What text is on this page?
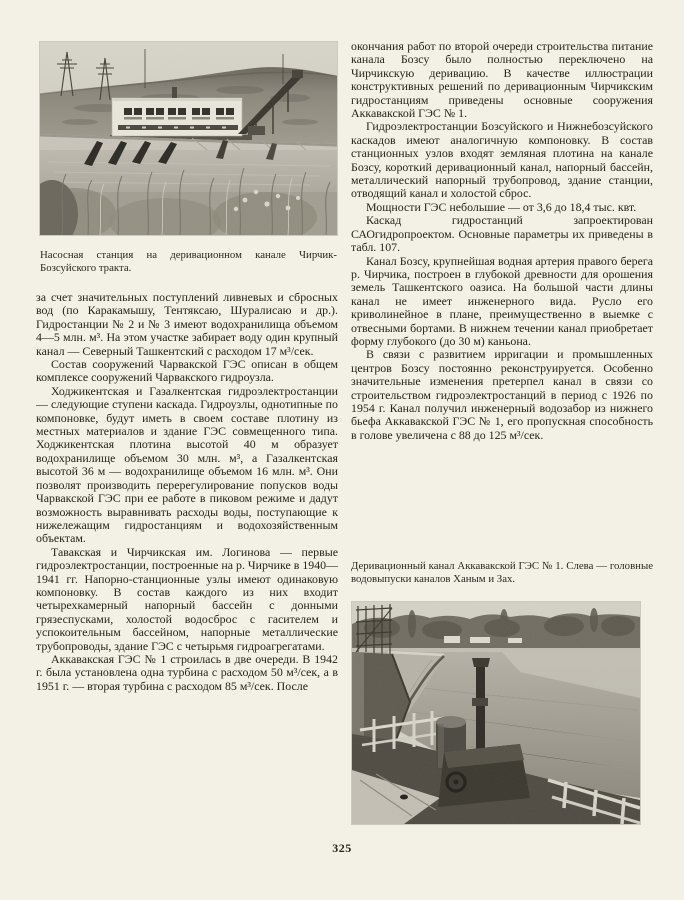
Насосная станция на деривационном канале Чирчик-Бозсуйского тракта.

за счет значительных поступлений ливневых и сбросных вод (по Каракамышу, Тентяксаю, Шуралисаю и др.). Гидростанции № 2 и № 3 имеют водохранилища объемом 4—5 млн. м³. На этом участке забирает воду один крупный канал — Северный Ташкентский с расходом 17 м³/сек.

Состав сооружений Чарвакской ГЭС описан в общем комплексе сооружений Чарвакского гидроузла.

Ходжикентская и Газалкентская гидроэлектростанции — следующие ступени каскада. Гидроузлы, однотипные по компоновке, будут иметь в своем составе плотину из местных материалов и здание ГЭС совмещенного типа. Ходжикентская плотина высотой 40 м образует водохранилище объемом 30 млн. м³, а Газалкентская высотой 36 м — водохранилище объемом 16 млн. м³. Они позволят производить перерегулирование попусков воды Чарвакской ГЭС при ее работе в пиковом режиме и дадут возможность выравнивать расходы воды, поступающие к нижележащим гидростанциям и водохозяйственным объектам.

Тавакская и Чирчикская им. Логинова — первые гидроэлектростанции, построенные на р. Чирчике в 1940—1941 гг. Напорно-станционные узлы имеют одинаковую компоновку. В состав каждого из них входит четырехкамерный напорный бассейн с донными грязеспусками, холостой водосброс с гасителем и успокоительным бассейном, напорные металлические трубопроводы, здание ГЭС с четырьмя гидроагрегатами.

Аккавакская ГЭС № 1 строилась в две очереди. В 1942 г. была установлена одна турбина с расходом 50 м³/сек, а в 1951 г. — вторая турбина с расходом 85 м³/сек. После

окончания работ по второй очереди строительства питание канала Бозсу было полностью переключено на Чирчикскую деривацию. В качестве иллюстрации конструктивных решений по деривационным Чирчикским гидростанциям приведены основные сооружения Аккавакской ГЭС № 1.

Гидроэлектростанции Бозсуйского и Нижнебозсуйского каскадов имеют аналогичную компоновку. В состав станционных узлов входят земляная плотина на канале Бозсу, короткий деривационный канал, напорный бассейн, металлический напорный трубопровод, здание станции, отводящий канал и холостой сброс.

Мощности ГЭС небольшие — от 3,6 до 18,4 тыс. квт.

Каскад гидростанций запроектирован САОгидропроектом. Основные параметры их приведены в табл. 107.

Канал Бозсу, крупнейшая водная артерия правого берега р. Чирчика, построен в глубокой древности для орошения земель Ташкентского оазиса. На большой части длины канал не имеет инженерного вида. Русло его криволинейное в плане, преимущественно в выемке с отвесными бортами. В нижнем течении канал приобретает форму глубокого (до 30 м) каньона.

В связи с развитием ирригации и промышленных центров Бозсу постоянно реконструируется. Особенно значительные изменения претерпел канал в связи со строительством гидроэлектростанций в период с 1926 по 1954 г. Канал получил инженерный водозабор из нижнего бьефа Аккавакской ГЭС № 1, его пропускная способность в голове увеличена с 88 до 125 м³/сек.

Деривационный канал Аккавакской ГЭС № 1. Слева — головные водовыпуски каналов Ханым и Зах.

325
